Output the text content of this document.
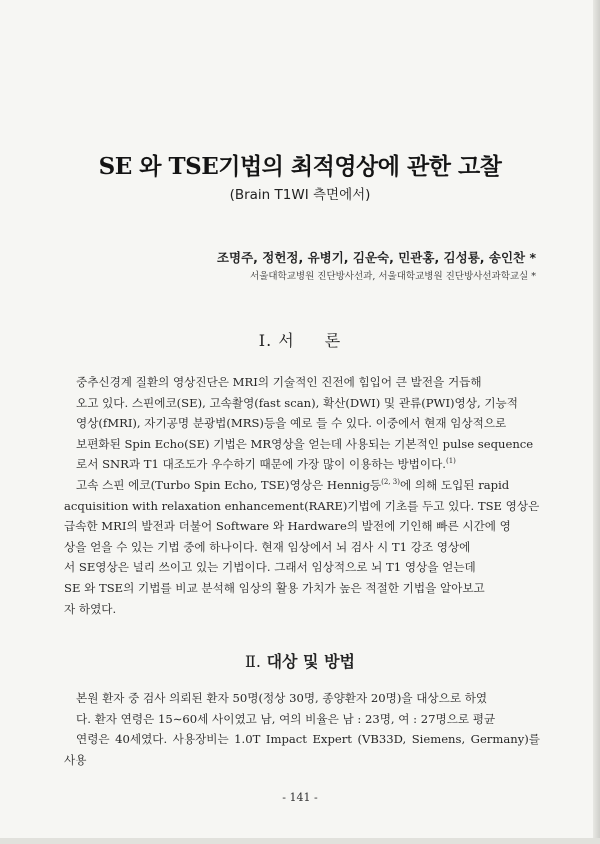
SE 와 TSE기법의 최적영상에 관한 고찰
(Brain T1WI 측면에서)
조명주, 정헌정, 유병기, 김운숙, 민관홍, 김성룡, 송인찬 *
서울대학교병원 진단방사선과, 서울대학교병원 진단방사선과학교실 *
Ⅰ. 서 론

중추신경계 질환의 영상진단은 MRI의 기술적인 진전에 힘입어 큰 발전을 거듭해
오고 있다. 스핀에코(SE), 고속촬영(fast scan), 확산(DWI) 및 관류(PWI)영상, 기능적
영상(fMRI), 자기공명 분광법(MRS)등을 예로 들 수 있다. 이중에서 현재 임상적으로
보편화된 Spin Echo(SE) 기법은 MR영상을 얻는데 사용되는 기본적인 pulse sequence
로서 SNR과 T1 대조도가 우수하기 때문에 가장 많이 이용하는 방법이다.$^{(1)}$

고속 스핀 에코(Turbo Spin Echo, TSE)영상은 Hennig등$^{(2, 3)}$에 의해 도입된 rapid
acquisition with relaxation enhancement(RARE)기법에 기초를 두고 있다. TSE 영상은
급속한 MRI의 발전과 더불어 Software 와 Hardware의 발전에 기인해 빠른 시간에 영
상을 얻을 수 있는 기법 중에 하나이다. 현재 임상에서 뇌 검사 시 T1 강조 영상에
서 SE영상은 널리 쓰이고 있는 기법이다. 그래서 임상적으로 뇌 T1 영상을 얻는데
SE 와 TSE의 기법를 비교 분석해 임상의 활용 가치가 높은 적절한 기법을 알아보고
자 하였다.

Ⅱ. 대상 및 방법

본원 환자 중 검사 의뢰된 환자 50명(정상 30명, 종양환자 20명)을 대상으로 하였
다. 환자 연령은 15∼60세 사이였고 남, 여의 비율은 남 : 23명, 여 : 27명으로 평균
연령은 40세였다. 사용장비는 1.0T Impact Expert (VB33D, Siemens, Germany)를 사용

- 141 -
